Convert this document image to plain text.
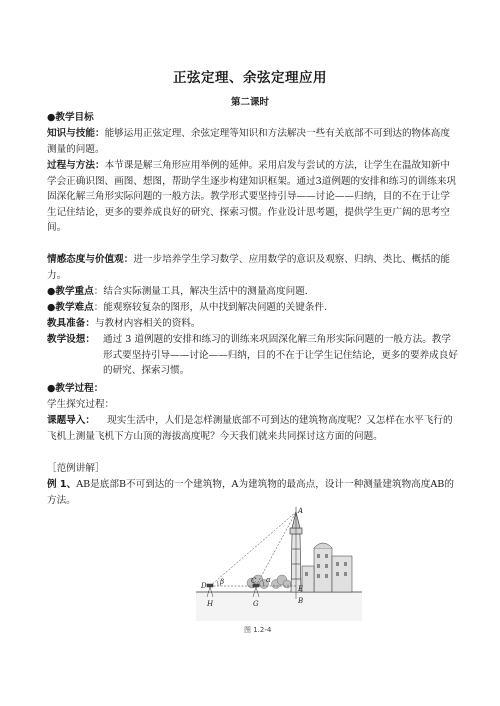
正弦定理、余弦定理应用
第二课时

●教学目标

知识与技能：能够运用正弦定理、余弦定理等知识和方法解决一些有关底部不可到达的物体高度测量的问题。

过程与方法：本节课是解三角形应用举例的延伸。采用启发与尝试的方法，让学生在温故知新中学会正确识图、画图、想图，帮助学生逐步构建知识框架。通过3道例题的安排和练习的训练来巩固深化解三角形实际问题的一般方法。教学形式要坚持引导——讨论——归纳，目的不在于让学生记住结论，更多的要养成良好的研究、探索习惯。作业设计思考题，提供学生更广阔的思考空间。

情感态度与价值观：进一步培养学生学习数学、应用数学的意识及观察、归纳、类比、概括的能力。

●教学重点：结合实际测量工具，解决生活中的测量高度问题.

●教学难点：能观察较复杂的图形，从中找到解决问题的关键条件.

教具准备：与教材内容相关的资料。

教学设想： 通过 3 道例题的安排和练习的训练来巩固深化解三角形实际问题的一般方法。教学形式要坚持引导——讨论——归纳，目的不在于让学生记住结论，更多的要养成良好的研究、探索习惯。

●教学过程：

学生探究过程：

课题导入： 现实生活中，人们是怎样测量底部不可到达的建筑物高度呢？又怎样在水平飞行的飞机上测量飞机下方山顶的海拔高度呢？今天我们就来共同探讨这方面的问题。

［范例讲解］

例 1、AB是底部B不可到达的一个建筑物，A为建筑物的最高点，设计一种测量建筑物高度AB的方法。

A
B
C
D	E
G
H
α
β
图 1.2-4
